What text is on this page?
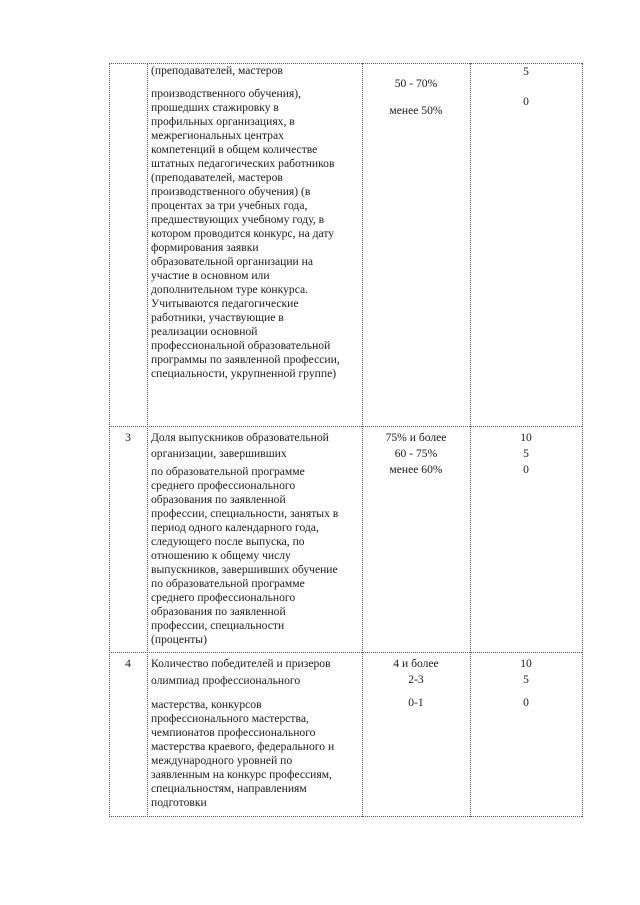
(преподавателей, мастеров
производственного обучения),
прошедших стажировку в
профильных организациях, в
межрегиональных центрах
компетенций в общем количестве
штатных педагогических работников
(преподавателей, мастеров
производственного обучения) (в
процентах за три учебных года,
предшествующих учебному году, в
котором проводится конкурс, на дату
формирования заявки
образовательной организации на
участие в основном или
дополнительном туре конкурса.
Учитываются педагогические
работники, участвующие в
реализации основной
профессиональной образовательной
программы по заявленной профессии,
специальности, укрупненной группе)
50 - 70%
менее 50%
5
0
3	Доля выпускников образовательной
организации, завершивших
по образовательной программе
среднего профессионального
образования по заявленной
профессии, специальности, занятых в
период одного календарного года,
следующего после выпуска, по
отношению к общему числу
выпускников, завершивших обучение
по образовательной программе
среднего профессионального
образования по заявленной
профессии, специальности
(проценты)
75% и более
60 - 75%
менее 60%
10
5
0
4	Количество победителей и призеров
олимпиад профессионального
мастерства, конкурсов
профессионального мастерства,
чемпионатов профессионального
мастерства краевого, федерального и
международного уровней по
заявленным на конкурс профессиям,
специальностям, направлениям
подготовки
4 и более
2-3
0-1
10
5
0
